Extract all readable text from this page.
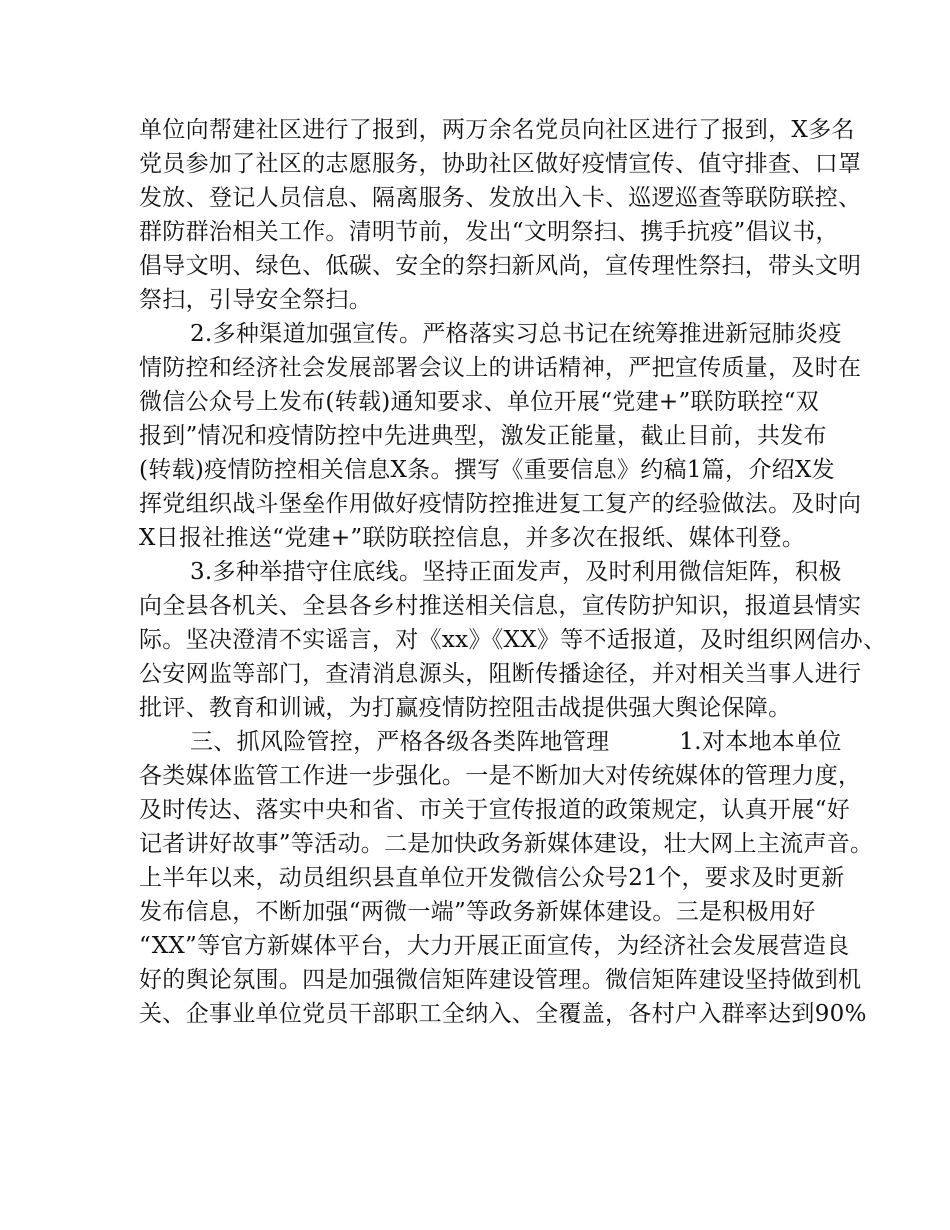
单位向帮建社区进行了报到，两万余名党员向社区进行了报到，X多名
党员参加了社区的志愿服务，协助社区做好疫情宣传、值守排查、口罩
发放、登记人员信息、隔离服务、发放出入卡、巡逻巡查等联防联控、
群防群治相关工作。清明节前，发出“文明祭扫、携手抗疫”倡议书，
倡导文明、绿色、低碳、安全的祭扫新风尚，宣传理性祭扫，带头文明
祭扫，引导安全祭扫。
2.多种渠道加强宣传。严格落实习总书记在统筹推进新冠肺炎疫
情防控和经济社会发展部署会议上的讲话精神，严把宣传质量，及时在
微信公众号上发布(转载)通知要求、单位开展“党建+”联防联控“双
报到”情况和疫情防控中先进典型，激发正能量，截止目前，共发布
(转载)疫情防控相关信息X条。撰写《重要信息》约稿1篇，介绍X发
挥党组织战斗堡垒作用做好疫情防控推进复工复产的经验做法。及时向
X日报社推送“党建+”联防联控信息，并多次在报纸、媒体刊登。
3.多种举措守住底线。坚持正面发声，及时利用微信矩阵，积极
向全县各机关、全县各乡村推送相关信息，宣传防护知识，报道县情实
际。坚决澄清不实谣言，对《xx》《XX》等不适报道，及时组织网信办、
公安网监等部门，查清消息源头，阻断传播途径，并对相关当事人进行
批评、教育和训诫，为打赢疫情防控阻击战提供强大舆论保障。
三、抓风险管控，严格各级各类阵地管理　　　1.对本地本单位
各类媒体监管工作进一步强化。一是不断加大对传统媒体的管理力度，
及时传达、落实中央和省、市关于宣传报道的政策规定，认真开展“好
记者讲好故事”等活动。二是加快政务新媒体建设，壮大网上主流声音。
上半年以来，动员组织县直单位开发微信公众号21个，要求及时更新
发布信息，不断加强“两微一端”等政务新媒体建设。三是积极用好
“XX”等官方新媒体平台，大力开展正面宣传，为经济社会发展营造良
好的舆论氛围。四是加强微信矩阵建设管理。微信矩阵建设坚持做到机
关、企事业单位党员干部职工全纳入、全覆盖，各村户入群率达到90%
